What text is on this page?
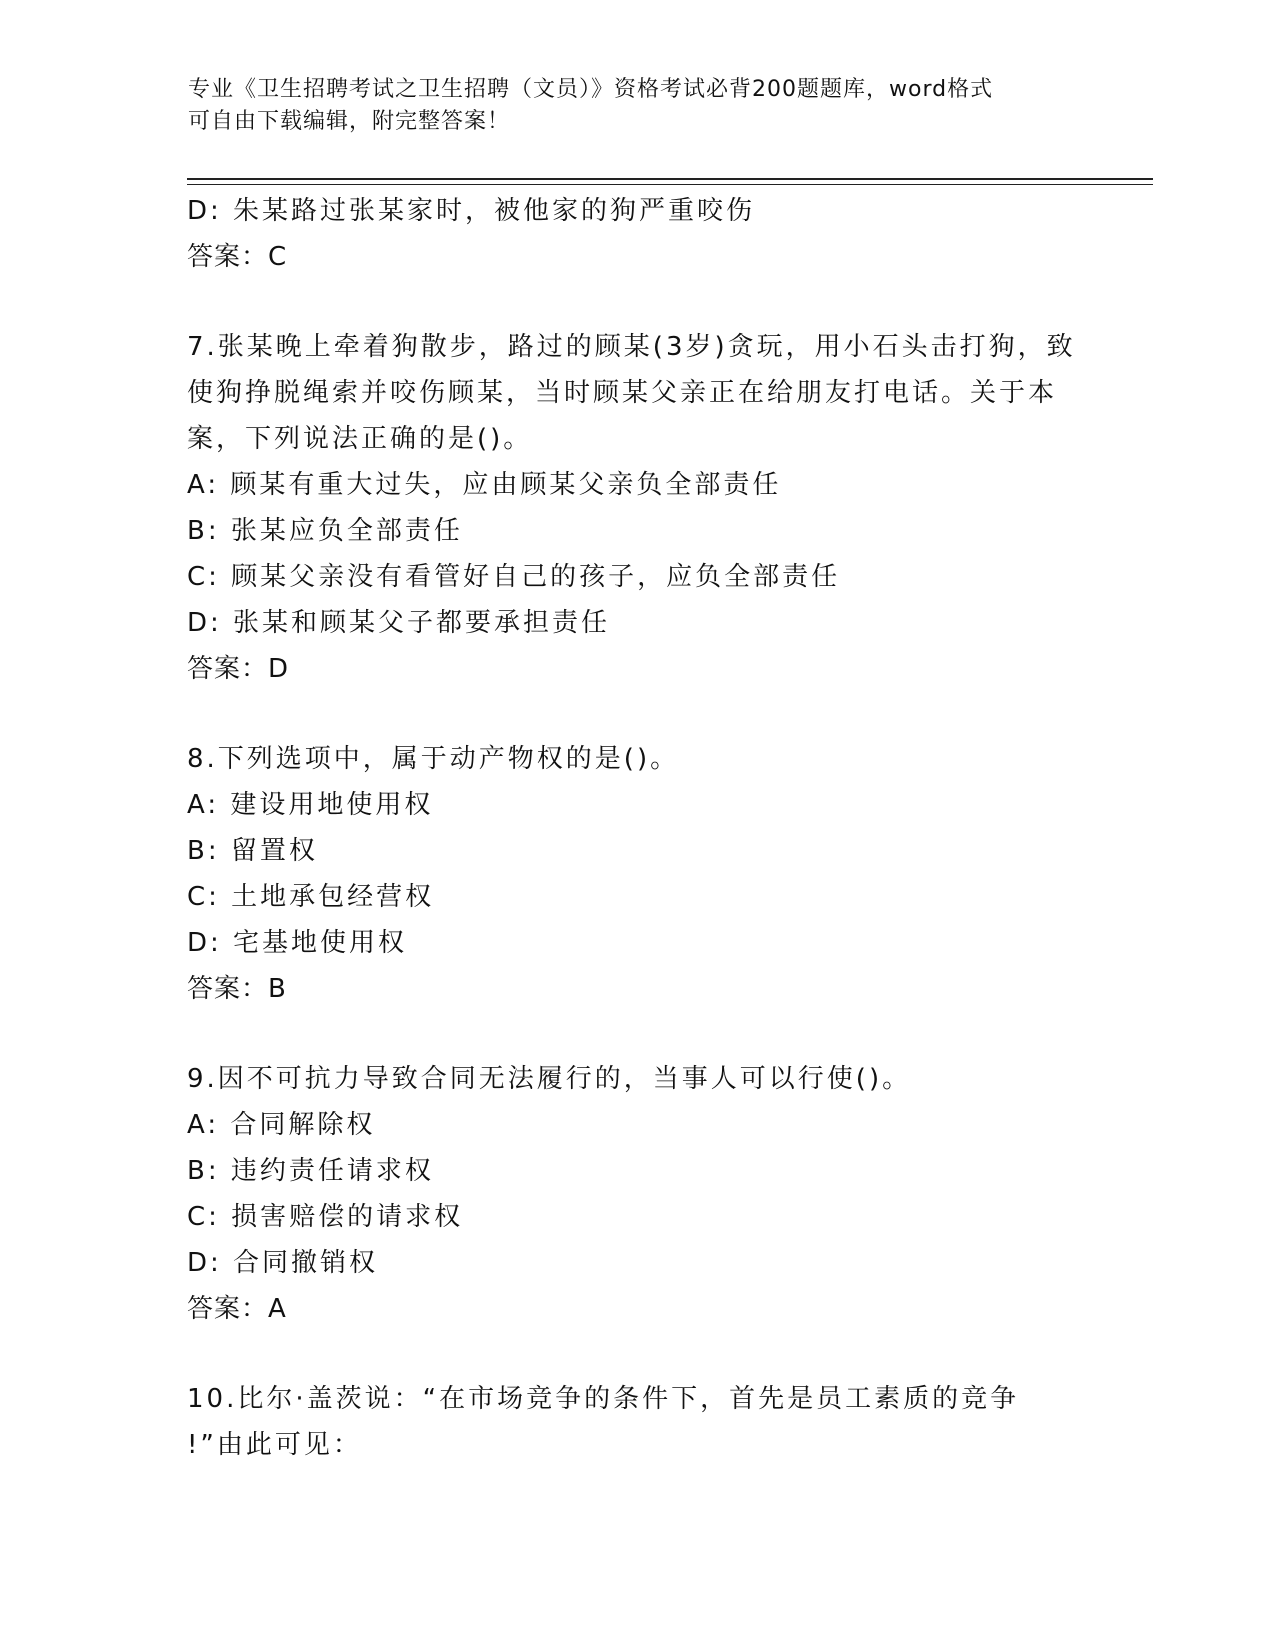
专业《卫生招聘考试之卫生招聘（文员）》资格考试必背200题题库，word格式
可自由下载编辑，附完整答案！
D: 朱某路过张某家时，被他家的狗严重咬伤
答案：C
7.张某晚上牵着狗散步，路过的顾某(3岁)贪玩，用小石头击打狗，致
使狗挣脱绳索并咬伤顾某，当时顾某父亲正在给朋友打电话。关于本
案，下列说法正确的是()。
A: 顾某有重大过失，应由顾某父亲负全部责任
B: 张某应负全部责任
C: 顾某父亲没有看管好自己的孩子，应负全部责任
D: 张某和顾某父子都要承担责任
答案：D
8.下列选项中，属于动产物权的是()。
A: 建设用地使用权
B: 留置权
C: 土地承包经营权
D: 宅基地使用权
答案：B
9.因不可抗力导致合同无法履行的，当事人可以行使()。
A: 合同解除权
B: 违约责任请求权
C: 损害赔偿的请求权
D: 合同撤销权
答案：A
10.比尔·盖茨说：“在市场竞争的条件下，首先是员工素质的竞争
!”由此可见：
